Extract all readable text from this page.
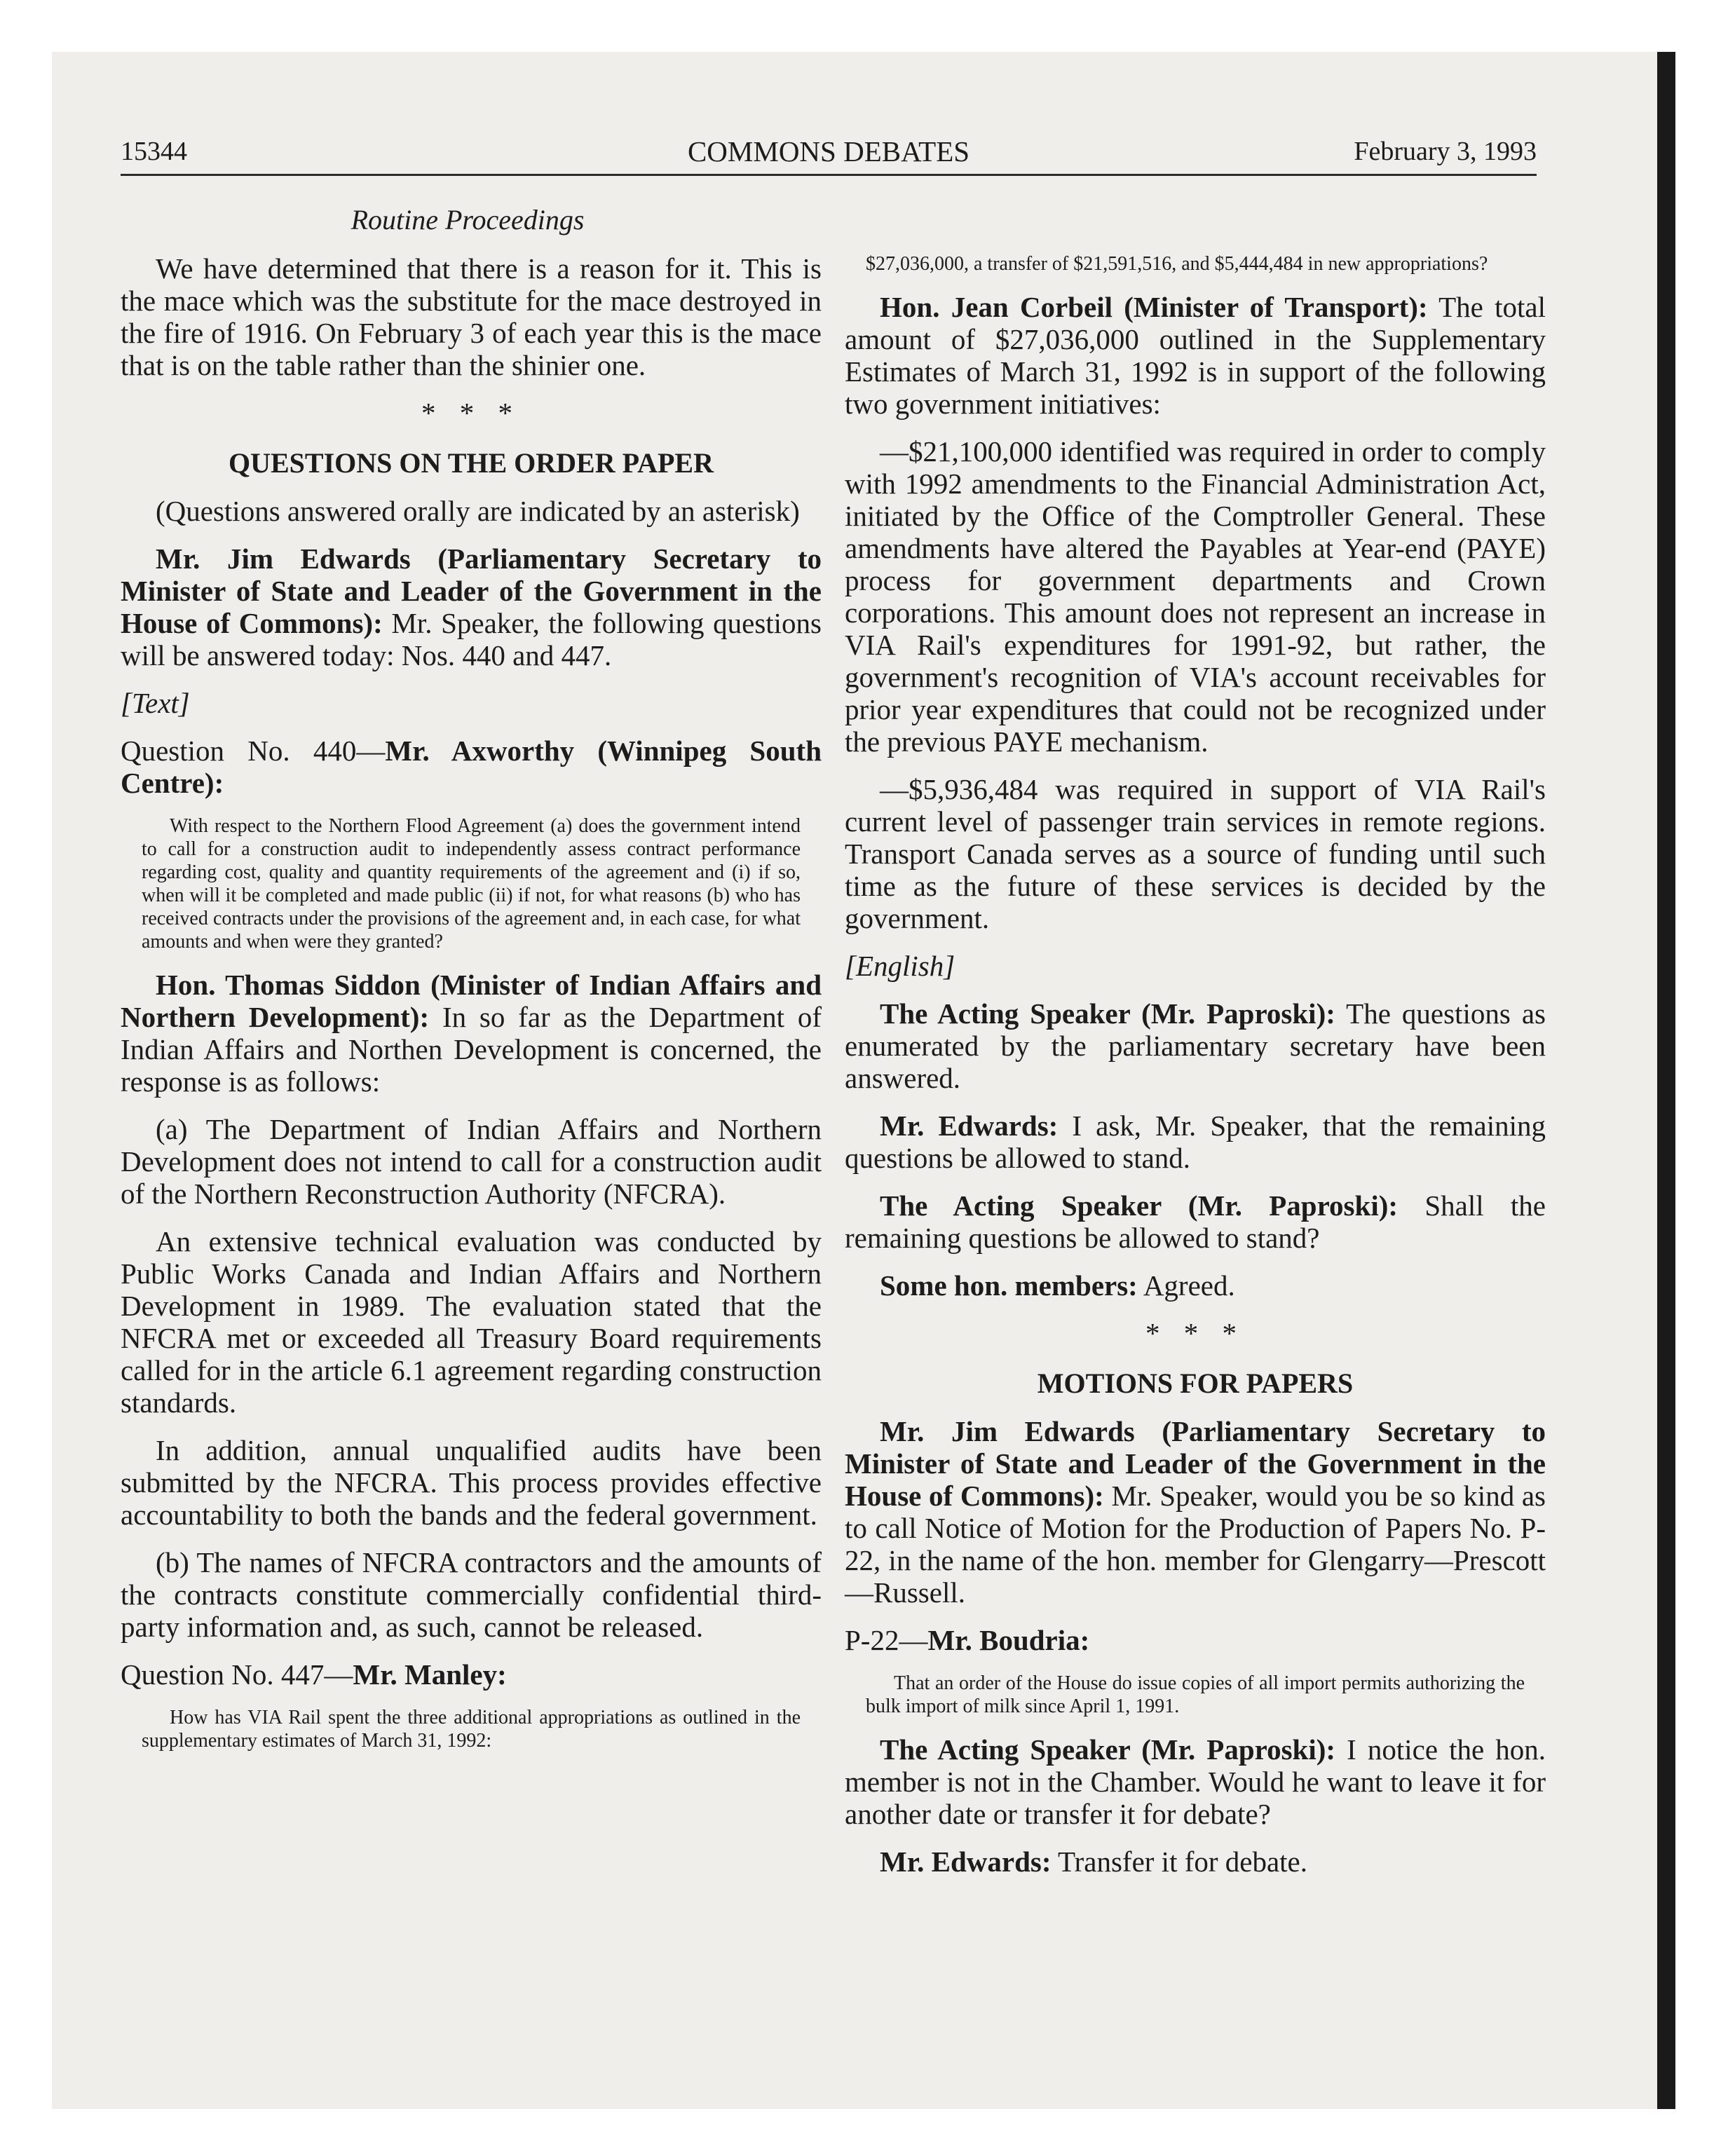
15344	COMMONS DEBATES	February 3, 1993
Routine Proceedings

We have determined that there is a reason for it. This is the mace which was the substitute for the mace destroyed in the fire of 1916. On February 3 of each year this is the mace that is on the table rather than the shinier one.

* * *

QUESTIONS ON THE ORDER PAPER

(Questions answered orally are indicated by an asterisk)

Mr. Jim Edwards (Parliamentary Secretary to Minister of State and Leader of the Government in the House of Commons): Mr. Speaker, the following questions will be answered today: Nos. 440 and 447.

[Text]

Question No. 440—Mr. Axworthy (Winnipeg South Centre):

With respect to the Northern Flood Agreement (a) does the government intend to call for a construction audit to independently assess contract performance regarding cost, quality and quantity requirements of the agreement and (i) if so, when will it be completed and made public (ii) if not, for what reasons (b) who has received contracts under the provisions of the agreement and, in each case, for what amounts and when were they granted?

Hon. Thomas Siddon (Minister of Indian Affairs and Northern Development): In so far as the Department of Indian Affairs and Northen Development is concerned, the response is as follows:

(a) The Department of Indian Affairs and Northern Development does not intend to call for a construction audit of the Northern Reconstruction Authority (NFCRA).

An extensive technical evaluation was conducted by Public Works Canada and Indian Affairs and Northern Development in 1989. The evaluation stated that the NFCRA met or exceeded all Treasury Board requirements called for in the article 6.1 agreement regarding construction standards.

In addition, annual unqualified audits have been submitted by the NFCRA. This process provides effective accountability to both the bands and the federal government.

(b) The names of NFCRA contractors and the amounts of the contracts constitute commercially confidential third-party information and, as such, cannot be released.

Question No. 447—Mr. Manley:

How has VIA Rail spent the three additional appropriations as outlined in the supplementary estimates of March 31, 1992:

$27,036,000, a transfer of $21,591,516, and $5,444,484 in new appropriations?

Hon. Jean Corbeil (Minister of Transport): The total amount of $27,036,000 outlined in the Supplementary Estimates of March 31, 1992 is in support of the following two government initiatives:

—$21,100,000 identified was required in order to comply with 1992 amendments to the Financial Administration Act, initiated by the Office of the Comptroller General. These amendments have altered the Payables at Year-end (PAYE) process for government departments and Crown corporations. This amount does not represent an increase in VIA Rail's expenditures for 1991-92, but rather, the government's recognition of VIA's account receivables for prior year expenditures that could not be recognized under the previous PAYE mechanism.

—$5,936,484 was required in support of VIA Rail's current level of passenger train services in remote regions. Transport Canada serves as a source of funding until such time as the future of these services is decided by the government.

[English]

The Acting Speaker (Mr. Paproski): The questions as enumerated by the parliamentary secretary have been answered.

Mr. Edwards: I ask, Mr. Speaker, that the remaining questions be allowed to stand.

The Acting Speaker (Mr. Paproski): Shall the remaining questions be allowed to stand?

Some hon. members: Agreed.

* * *

MOTIONS FOR PAPERS

Mr. Jim Edwards (Parliamentary Secretary to Minister of State and Leader of the Government in the House of Commons): Mr. Speaker, would you be so kind as to call Notice of Motion for the Production of Papers No. P-22, in the name of the hon. member for Glengarry—Prescott—Russell.

P-22—Mr. Boudria:

That an order of the House do issue copies of all import permits authorizing the bulk import of milk since April 1, 1991.

The Acting Speaker (Mr. Paproski): I notice the hon. member is not in the Chamber. Would he want to leave it for another date or transfer it for debate?

Mr. Edwards: Transfer it for debate.
